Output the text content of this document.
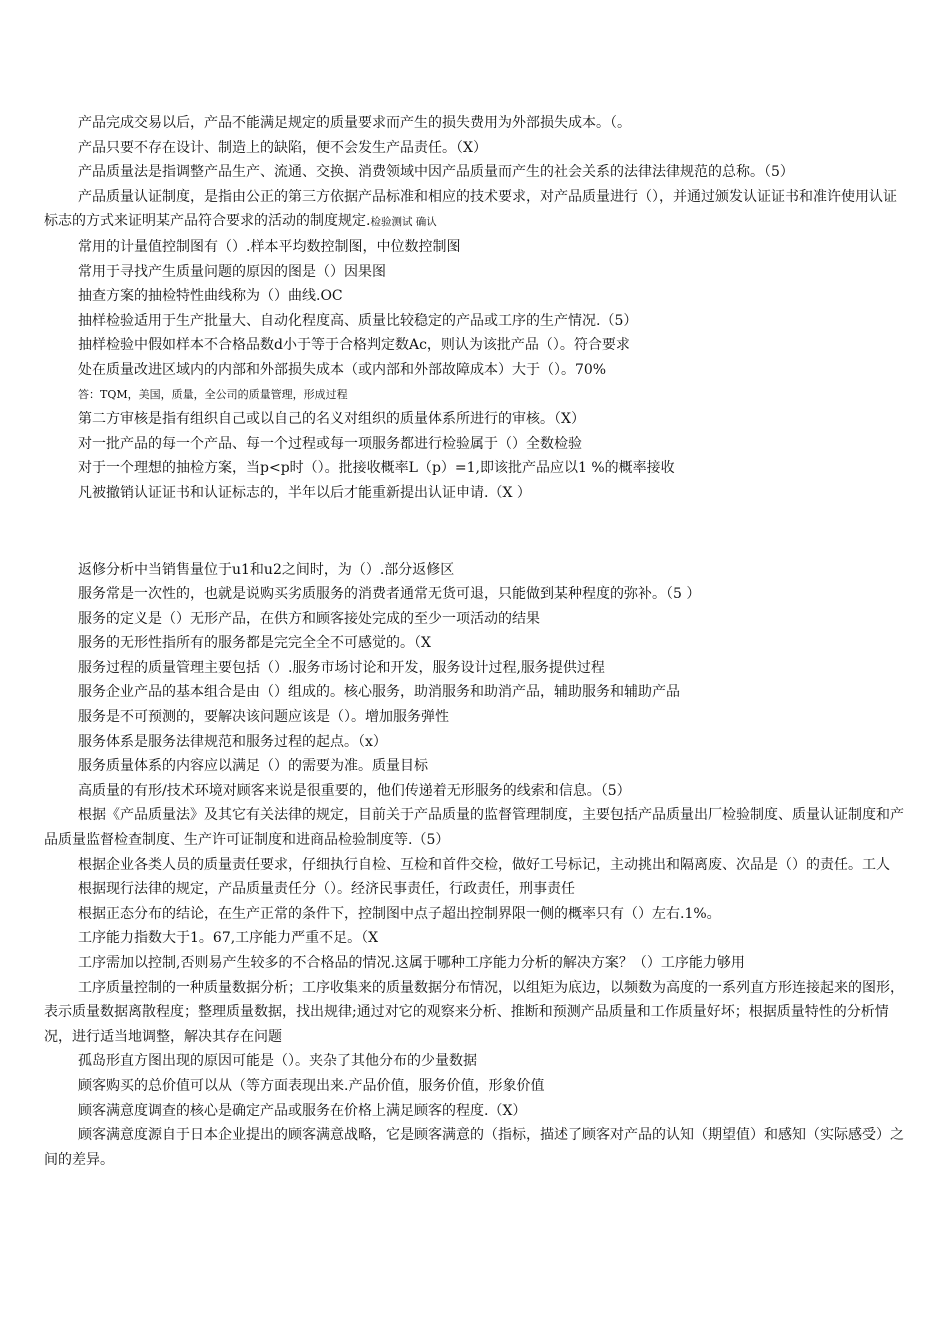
产品完成交易以后，产品不能满足规定的质量要求而产生的损失费用为外部损失成本。（。

产品只要不存在设计、制造上的缺陷，便不会发生产品责任。（X）

产品质量法是指调整产品生产、流通、交换、消费领域中因产品质量而产生的社会关系的法律法律规范的总称。（5）

产品质量认证制度，是指由公正的第三方依据产品标准和相应的技术要求，对产品质量进行（），并通过颁发认证证书和准许使用认证标志的方式来证明某产品符合要求的活动的制度规定.检验测试 确认

常用的计量值控制图有（）.样本平均数控制图，中位数控制图

常用于寻找产生质量问题的原因的图是（）因果图

抽查方案的抽检特性曲线称为（）曲线.OC

抽样检验适用于生产批量大、自动化程度高、质量比较稳定的产品或工序的生产情况.（5）

抽样检验中假如样本不合格品数d小于等于合格判定数Ac，则认为该批产品（）。符合要求

处在质量改进区域内的内部和外部损失成本（或内部和外部故障成本）大于（）。70%

答：TQM，美国，质量，全公司的质量管理，形成过程

第二方审核是指有组织自己或以自己的名义对组织的质量体系所进行的审核。（X）

对一批产品的每一个产品、每一个过程或每一项服务都进行检验属于（）全数检验

对于一个理想的抽检方案，当p<p时（）。批接收概率L（p）=1,即该批产品应以1 %的概率接收

凡被撤销认证证书和认证标志的，半年以后才能重新提出认证申请.（X ）

返修分析中当销售量位于u1和u2之间时，为（）.部分返修区

服务常是一次性的，也就是说购买劣质服务的消费者通常无货可退，只能做到某种程度的弥补。（5 ）

服务的定义是（）无形产品，在供方和顾客接处完成的至少一项活动的结果

服务的无形性指所有的服务都是完完全全不可感觉的。（X

服务过程的质量管理主要包括（）.服务市场讨论和开发，服务设计过程,服务提供过程

服务企业产品的基本组合是由（）组成的。核心服务，助消服务和助消产品，辅助服务和辅助产品

服务是不可预测的，要解决该问题应该是（）。增加服务弹性

服务体系是服务法律规范和服务过程的起点。（x）

服务质量体系的内容应以满足（）的需要为准。质量目标

高质量的有形/技术环境对顾客来说是很重要的，他们传递着无形服务的线索和信息。（5）

根据《产品质量法》及其它有关法律的规定，目前关于产品质量的监督管理制度，主要包括产品质量出厂检验制度、质量认证制度和产品质量监督检查制度、生产许可证制度和进商品检验制度等.（5）

根据企业各类人员的质量责任要求，仔细执行自检、互检和首件交检，做好工号标记，主动挑出和隔离废、次品是（）的责任。工人

根据现行法律的规定，产品质量责任分（）。经济民事责任，行政责任，刑事责任

根据正态分布的结论，在生产正常的条件下，控制图中点子超出控制界限一侧的概率只有（）左右.1%。

工序能力指数大于1。67,工序能力严重不足。（X

工序需加以控制,否则易产生较多的不合格品的情况.这属于哪种工序能力分析的解决方案？（）工序能力够用

工序质量控制的一种质量数据分析；工序收集来的质量数据分布情况，以组矩为底边，以频数为高度的一系列直方形连接起来的图形，表示质量数据离散程度；整理质量数据，找出规律;通过对它的观察来分析、推断和预测产品质量和工作质量好坏；根据质量特性的分析情况，进行适当地调整，解决其存在问题

孤岛形直方图出现的原因可能是（）。夹杂了其他分布的少量数据

顾客购买的总价值可以从（等方面表现出来.产品价值，服务价值，形象价值

顾客满意度调查的核心是确定产品或服务在价格上满足顾客的程度.（X）

顾客满意度源自于日本企业提出的顾客满意战略，它是顾客满意的（指标，描述了顾客对产品的认知（期望值）和感知（实际感受）之间的差异。
